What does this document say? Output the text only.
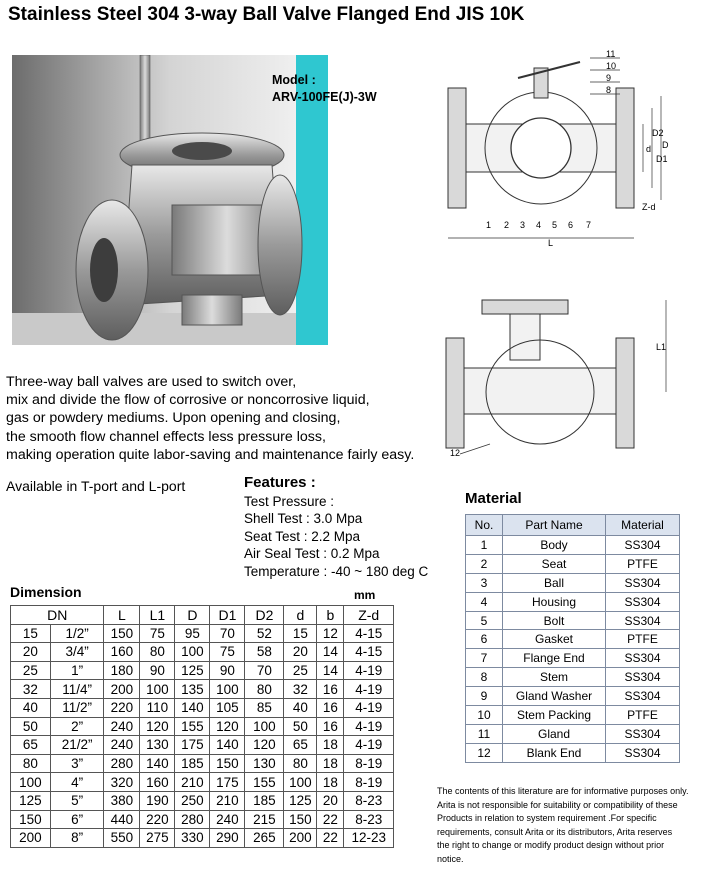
Stainless Steel 304 3-way Ball Valve Flanged End JIS 10K
Model :
ARV-100FE(J)-3W
11
10
9
8
1 2 3 4 5 6 7
d
D2
D1
D
Z-d
L
L1
12
Three-way ball valves are used to switch over,
mix and divide the flow of corrosive or noncorrosive liquid,
gas or powdery mediums. Upon opening and closing,
the smooth flow channel effects less pressure loss,
making operation quite labor-saving and maintenance fairly easy.
Available in T-port and L-port	Features :
Test Pressure :
Shell Test : 3.0 Mpa
Seat Test : 2.2 Mpa
Air Seal Test : 0.2 Mpa
Temperature : -40 ~ 180 deg C
Material
No.	Part Name	Material
1	Body	SS304
2	Seat	PTFE
3	Ball	SS304
4	Housing	SS304
5	Bolt	SS304
6	Gasket	PTFE
7	Flange End	SS304
8	Stem	SS304
9	Gland Washer	SS304
10	Stem Packing	PTFE
11	Gland	SS304
12	Blank End	SS304
Dimension	mm
DN		L	L1	D	D1	D2	d	b	Z-d
15	1/2”	150	75	95	70	52	15	12	4-15
20	3/4”	160	80	100	75	58	20	14	4-15
25	1”	180	90	125	90	70	25	14	4-19
32	11/4”	200	100	135	100	80	32	16	4-19
40	11/2”	220	110	140	105	85	40	16	4-19
50	2”	240	120	155	120	100	50	16	4-19
65	21/2”	240	130	175	140	120	65	18	4-19
80	3”	280	140	185	150	130	80	18	8-19
100	4”	320	160	210	175	155	100	18	8-19
125	5”	380	190	250	210	185	125	20	8-23
150	6”	440	220	280	240	215	150	22	8-23
200	8”	550	275	330	290	265	200	22	12-23
The contents of this literature are for informative purposes only.
Arita is not responsible for suitability or compatibility of these
Products in relation to system requirement .For specific
requirements, consult Arita or its distributors, Arita reserves
the right to change or modify product design without prior
notice.
